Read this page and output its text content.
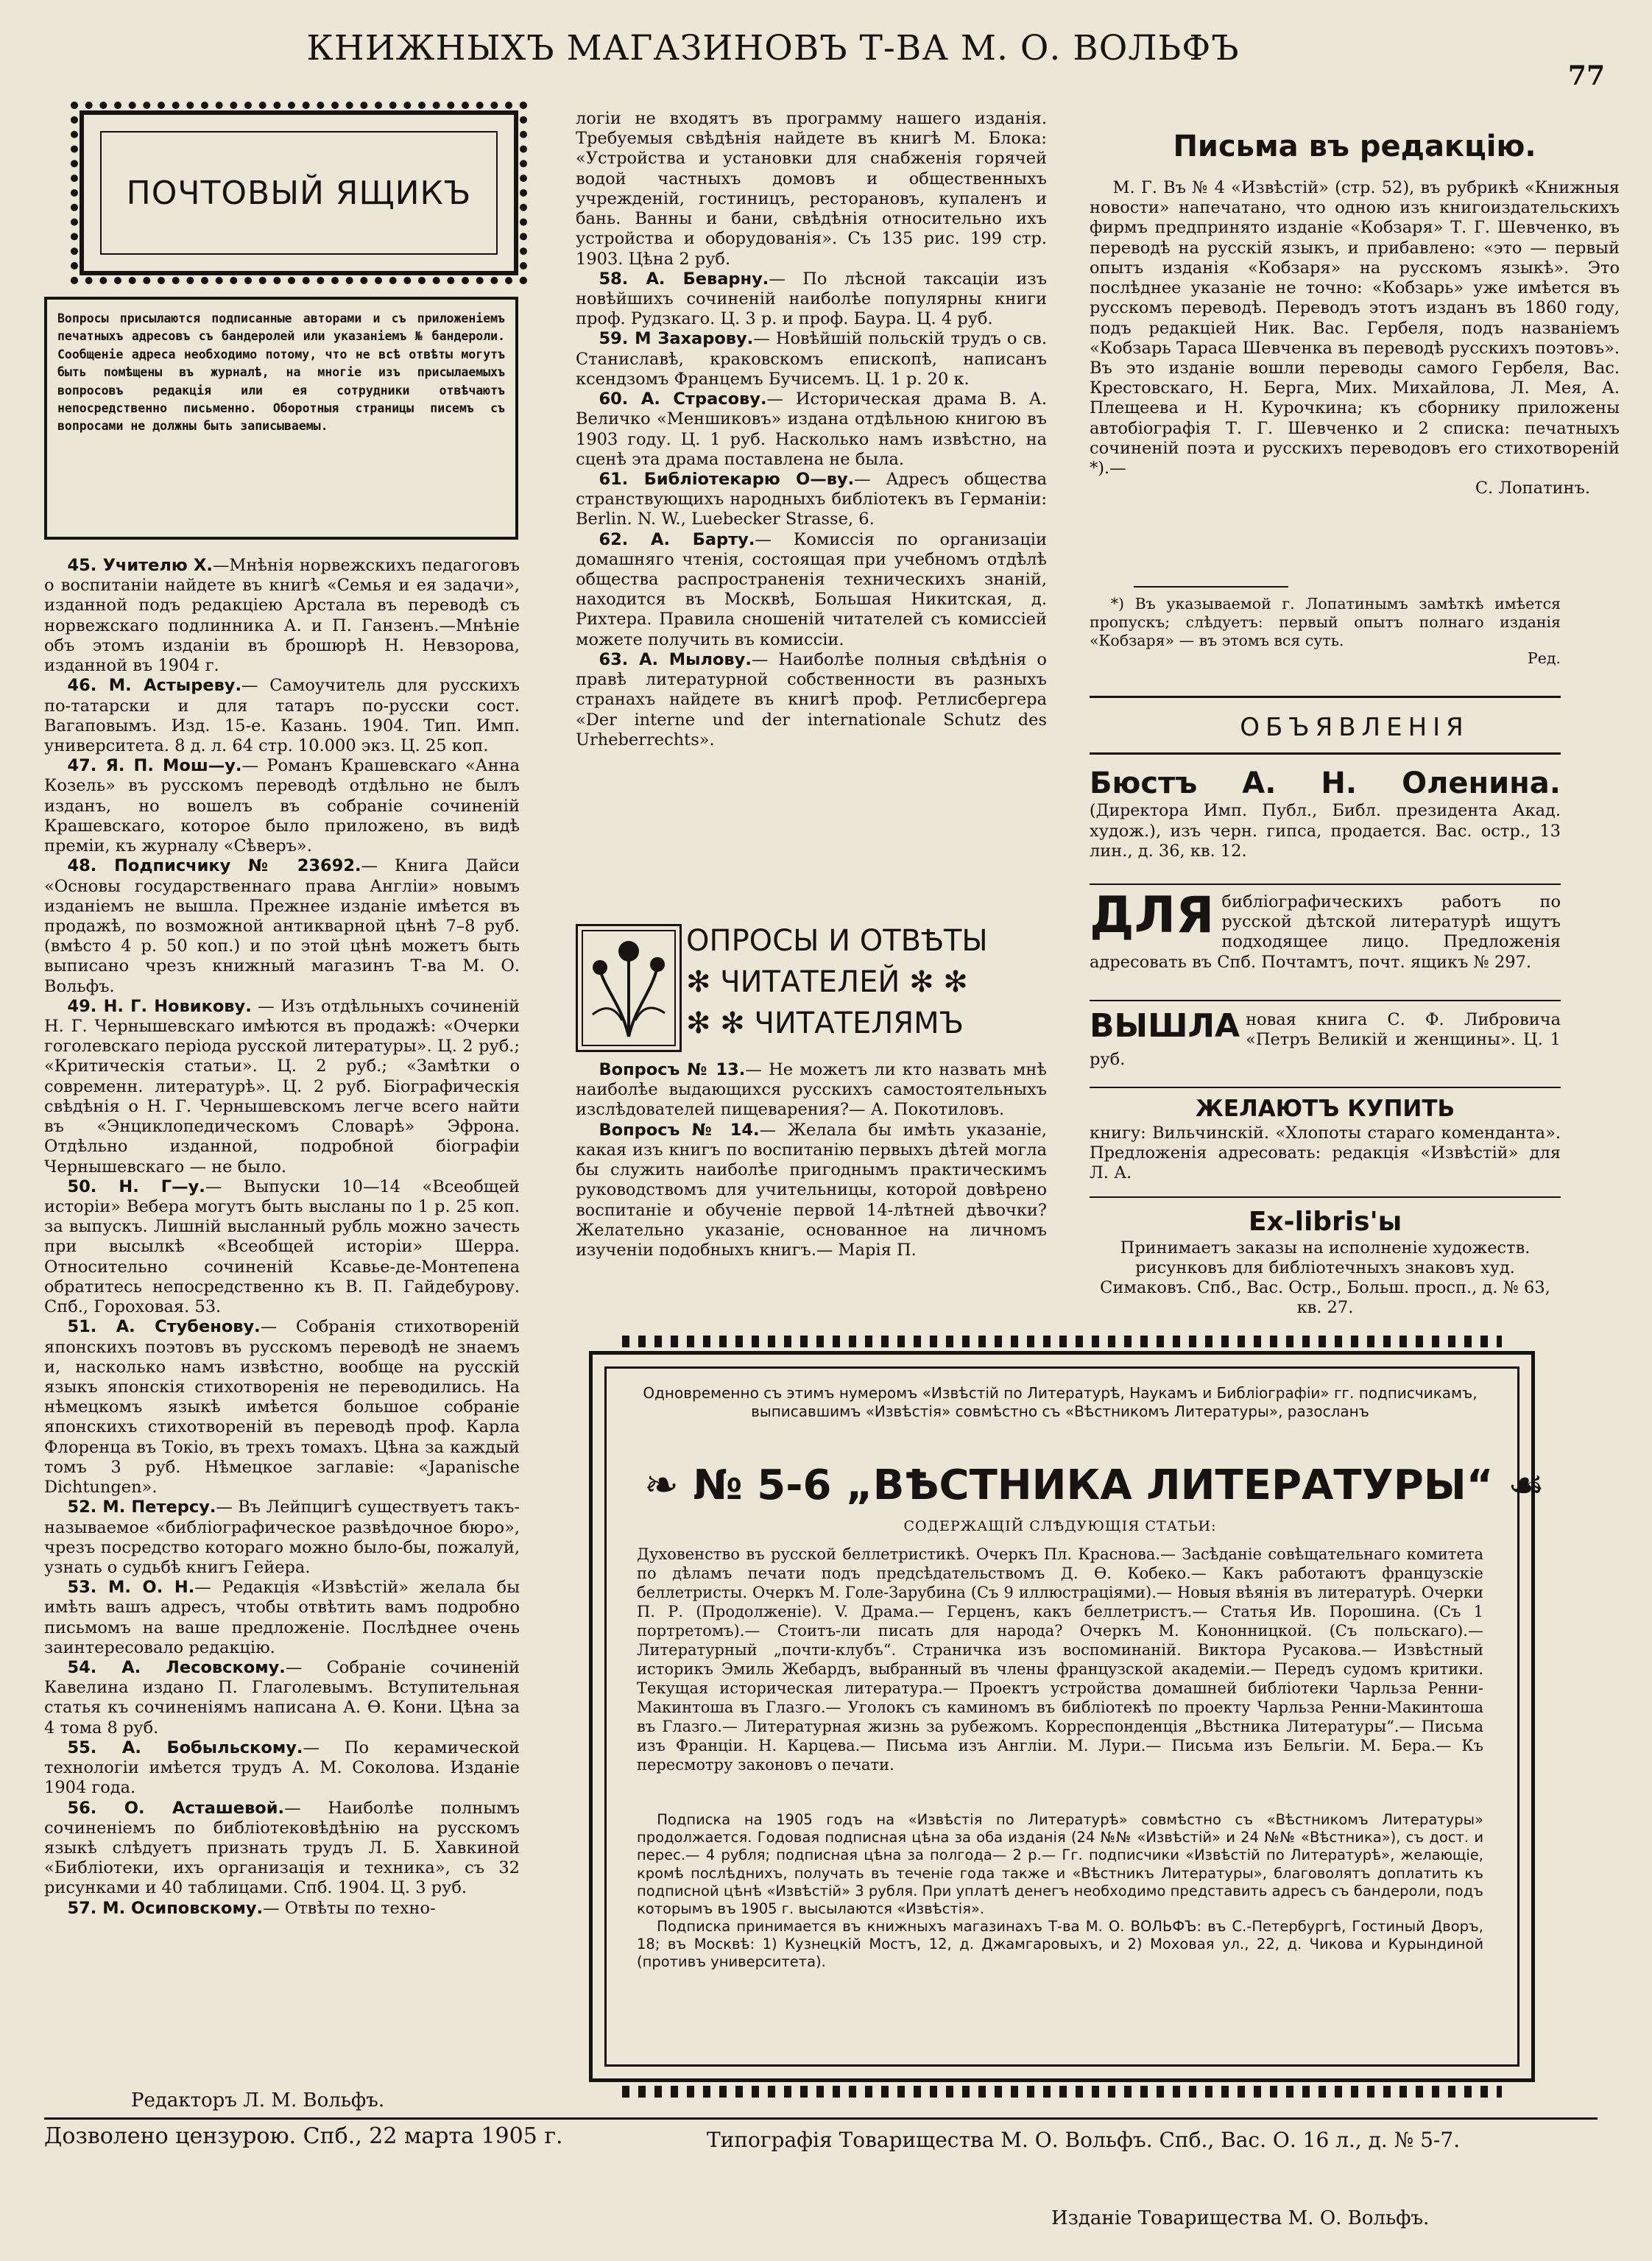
КНИЖНЫХЪ МАГАЗИНОВЪ Т-ВА М. О. ВОЛЬФЪ
77
ПОЧТОВЫЙ ЯЩИКЪ
Вопросы присылаются подписанные авторами и съ приложеніемъ печатныхъ адресовъ съ бандеролей или указаніемъ № бандероли. Сообщеніе адреса необходимо потому, что не всѣ отвѣты могутъ быть помѣщены въ журналѣ, на многіе изъ присылаемыхъ вопросовъ редакція или ея сотрудники отвѣчаютъ непосредственно письменно. Оборотныя страницы писемъ съ вопросами не должны быть записываемы.

45. Учителю Х.—Мнѣнія норвежскихъ педагоговъ о воспитаніи найдете въ книгѣ «Семья и ея задачи», изданной подъ редакціею Арстала въ переводѣ съ норвежскаго подлинника А. и П. Ганзенъ.—Мнѣніе объ этомъ изданіи въ брошюрѣ Н. Невзорова, изданной въ 1904 г.

46. М. Астыреву.— Самоучитель для русскихъ по-татарски и для татаръ по-русски сост. Вагаповымъ. Изд. 15-е. Казань. 1904. Тип. Имп. университета. 8 д. л. 64 стр. 10.000 экз. Ц. 25 коп.

47. Я. П. Мош—у.— Романъ Крашевскаго «Анна Козель» въ русскомъ переводѣ отдѣльно не былъ изданъ, но вошелъ въ собраніе сочиненій Крашевскаго, которое было приложено, въ видѣ преміи, къ журналу «Сѣверъ».

48. Подписчику № 23692.— Книга Дайси «Основы государственнаго права Англіи» новымъ изданіемъ не вышла. Прежнее изданіе имѣется въ продажѣ, по возможной антикварной цѣнѣ 7–8 руб. (вмѣсто 4 р. 50 коп.) и по этой цѣнѣ можетъ быть выписано чрезъ книжный магазинъ Т-ва М. О. Вольфъ.

49. Н. Г. Новикову. — Изъ отдѣльныхъ сочиненій Н. Г. Чернышевскаго имѣются въ продажѣ: «Очерки гоголевскаго періода русской литературы». Ц. 2 руб.; «Критическія статьи». Ц. 2 руб.; «Замѣтки о современн. литературѣ». Ц. 2 руб. Біографическія свѣдѣнія о Н. Г. Чернышевскомъ легче всего найти въ «Энциклопедическомъ Словарѣ» Эфрона. Отдѣльно изданной, подробной біографіи Чернышевскаго — не было.

50. Н. Г—у.— Выпуски 10—14 «Всеобщей исторіи» Вебера могутъ быть высланы по 1 р. 25 коп. за выпускъ. Лишній высланный рубль можно зачесть при высылкѣ «Всеобщей исторіи» Шерра. Относительно сочиненій Ксавье-де-Монтепена обратитесь непосредственно къ В. П. Гайдебурову. Спб., Гороховая. 53.

51. А. Стубенову.— Собранія стихотвореній японскихъ поэтовъ въ русскомъ переводѣ не знаемъ и, насколько намъ извѣстно, вообще на русскій языкъ японскія стихотворенія не переводились. На нѣмецкомъ языкѣ имѣется большое собраніе японскихъ стихотвореній въ переводѣ проф. Карла Флоренца въ Токіо, въ трехъ томахъ. Цѣна за каждый томъ 3 руб. Нѣмецкое заглавіе: «Japanische Dichtungen».

52. М. Петерсу.— Въ Лейпцигѣ существуетъ такъ-называемое «библіографическое развѣдочное бюро», чрезъ посредство котораго можно было-бы, пожалуй, узнать о судьбѣ книгъ Гейера.

53. М. О. Н.— Редакція «Извѣстій» желала бы имѣть вашъ адресъ, чтобы отвѣтить вамъ подробно письмомъ на ваше предложеніе. Послѣднее очень заинтересовало редакцію.

54. А. Лесовскому.— Собраніе сочиненій Кавелина издано П. Глаголевымъ. Вступительная статья къ сочиненіямъ написана А. Ѳ. Кони. Цѣна за 4 тома 8 руб.

55. А. Бобыльскому.— По керамической технологіи имѣется трудъ А. М. Соколова. Изданіе 1904 года.

56. О. Асташевой.— Наиболѣе полнымъ сочиненіемъ по библіотековѣдѣнію на русскомъ языкѣ слѣдуетъ признать трудъ Л. Б. Хавкиной «Библіотеки, ихъ организація и техника», съ 32 рисунками и 40 таблицами. Спб. 1904. Ц. 3 руб.

57. М. Осиповскому.— Отвѣты по техно-

логіи не входятъ въ программу нашего изданія. Требуемыя свѣдѣнія найдете въ книгѣ М. Блока: «Устройства и установки для снабженія горячей водой частныхъ домовъ и общественныхъ учрежденій, гостиницъ, ресторановъ, купаленъ и бань. Ванны и бани, свѣдѣнія относительно ихъ устройства и оборудованія». Съ 135 рис. 199 стр. 1903. Цѣна 2 руб.

58. А. Беварну.— По лѣсной таксаціи изъ новѣйшихъ сочиненій наиболѣе популярны книги проф. Рудзкаго. Ц. 3 р. и проф. Баура. Ц. 4 руб.

59. М Захарову.— Новѣйшій польскій трудъ о св. Станиславѣ, краковскомъ епископѣ, написанъ ксендзомъ Францемъ Бучисемъ. Ц. 1 р. 20 к.

60. А. Страсову.— Историческая драма В. А. Величко «Меншиковъ» издана отдѣльною книгою въ 1903 году. Ц. 1 руб. Насколько намъ извѣстно, на сценѣ эта драма поставлена не была.

61. Библіотекарю О—ву.— Адресъ общества странствующихъ народныхъ библіотекъ въ Германіи: Berlin. N. W., Luebecker Strasse, 6.

62. А. Барту.— Комиссія по организаціи домашняго чтенія, состоящая при учебномъ отдѣлѣ общества распространенія техническихъ знаній, находится въ Москвѣ, Большая Никитская, д. Рихтера. Правила сношеній читателей съ комиссіей можете получить въ комиссіи.

63. А. Мылову.— Наиболѣе полныя свѣдѣнія о правѣ литературной собственности въ разныхъ странахъ найдете въ книгѣ проф. Ретлисбергера «Der interne und der internationale Schutz des Urheberrechts».

ОПРОСЫ И ОТВѢТЫ
✻ ЧИТАТЕЛЕЙ ✻ ✻
✻ ✻ ЧИТАТЕЛЯМЪ

Вопросъ № 13.— Не можетъ ли кто назвать мнѣ наиболѣе выдающихся русскихъ самостоятельныхъ изслѣдователей пищеварения?— А. Покотиловъ.

Вопросъ № 14.— Желала бы имѣть указаніе, какая изъ книгъ по воспитанію первыхъ дѣтей могла бы служить наиболѣе пригоднымъ практическимъ руководствомъ для учительницы, которой довѣрено воспитаніе и обученіе первой 14-лѣтней дѣвочки? Желательно указаніе, основанное на личномъ изученіи подобныхъ книгъ.— Марія П.

Письма въ редакцію.

М. Г. Въ № 4 «Извѣстій» (стр. 52), въ рубрикѣ «Книжныя новости» напечатано, что одною изъ книгоиздательскихъ фирмъ предпринято изданіе «Кобзаря» Т. Г. Шевченко, въ переводѣ на русскій языкъ, и прибавлено: «это — первый опытъ изданія «Кобзаря» на русскомъ языкѣ». Это послѣднее указаніе не точно: «Кобзарь» уже имѣется въ русскомъ переводѣ. Переводъ этотъ изданъ въ 1860 году, подъ редакціей Ник. Вас. Гербеля, подъ названіемъ «Кобзарь Тараса Шевченка въ переводѣ русскихъ поэтовъ». Въ это изданіе вошли переводы самого Гербеля, Вас. Крестовскаго, Н. Берга, Мих. Михайлова, Л. Мея, А. Плещеева и Н. Курочкина; къ сборнику приложены автобіографія Т. Г. Шевченко и 2 списка: печатныхъ сочиненій поэта и русскихъ переводовъ его стихотвореній *).—

С. Лопатинъ.

*) Въ указываемой г. Лопатинымъ замѣткѣ имѣется пропускъ; слѣдуетъ: первый опытъ полнаго изданія «Кобзаря» — въ этомъ вся суть.

Ред.
ОБЪЯВЛЕНІЯ
Бюстъ А. Н. Оленина. (Директора Имп. Публ., Библ. президента Акад. худож.), изъ черн. гипса, продается. Вас. остр., 13 лин., д. 36, кв. 12.
ДЛЯ библіографическихъ работъ по русской дѣтской литературѣ ищутъ подходящее лицо. Предложенія адресовать въ Спб. Почтамтъ, почт. ящикъ № 297.
ВЫШЛА новая книга С. Ф. Либровича «Петръ Великій и женщины». Ц. 1 руб.
ЖЕЛАЮТЪ КУПИТЬ
книгу: Вильчинскій. «Хлопоты стараго коменданта». Предложенія адресовать: редакція «Извѣстій» для Л. А.
Ex-libris'ы
Принимаетъ заказы на исполненіе художеств. рисунковъ для библіотечныхъ знаковъ худ. Симаковъ. Спб., Вас. Остр., Больш. просп., д. № 63, кв. 27.
Одновременно съ этимъ нумеромъ «Извѣстій по Литературѣ, Наукамъ и Библіографіи» гг. подписчикамъ, выписавшимъ «Извѣстія» совмѣстно съ «Вѣстникомъ Литературы», разосланъ
❧ № 5-6 „ВѢСТНИКА ЛИТЕРАТУРЫ“ ☙
СОДЕРЖАЩІЙ СЛѢДУЮЩІЯ СТАТЬИ:

Духовенство въ русской беллетристикѣ. Очеркъ Пл. Краснова.— Засѣданіе совѣщательнаго комитета по дѣламъ печати подъ предсѣдательствомъ Д. Ѳ. Кобеко.— Какъ работаютъ французскіе беллетристы. Очеркъ М. Голе-Зарубина (Съ 9 иллюстраціями).— Новыя вѣянія въ литературѣ. Очерки П. Р. (Продолженіе). V. Драма.— Герценъ, какъ беллетристъ.— Статья Ив. Порошина. (Съ 1 портретомъ).— Стоитъ-ли писать для народа? Очеркъ М. Кононницкой. (Съ польскаго).— Литературный „почти-клубъ“. Страничка изъ воспоминаній. Виктора Русакова.— Извѣстный историкъ Эмиль Жебардъ, выбранный въ члены французской академіи.— Передъ судомъ критики. Текущая историческая литература.— Проектъ устройства домашней библіотеки Чарльза Ренни-Макинтоша въ Глазго.— Уголокъ съ каминомъ въ библіотекѣ по проекту Чарльза Ренни-Макинтоша въ Глазго.— Литературная жизнь за рубежомъ. Корреспонденція „Вѣстника Литературы“.— Письма изъ Франціи. Н. Карцева.— Письма изъ Англіи. М. Лури.— Письма изъ Бельгіи. М. Бера.— Къ пересмотру законовъ о печати.

Подписка на 1905 годъ на «Извѣстія по Литературѣ» совмѣстно съ «Вѣстникомъ Литературы» продолжается. Годовая подписная цѣна за оба изданія (24 №№ «Извѣстій» и 24 №№ «Вѣстника»), съ дост. и перес.— 4 рубля; подписная цѣна за полгода— 2 р.— Гг. подписчики «Извѣстій по Литературѣ», желающіе, кромѣ послѣднихъ, получать въ теченіе года также и «Вѣстникъ Литературы», благоволятъ доплатить къ подписной цѣнѣ «Извѣстій» 3 рубля. При уплатѣ денегъ необходимо представить адресъ съ бандероли, подъ которымъ въ 1905 г. высылаются «Извѣстія».

Подписка принимается въ книжныхъ магазинахъ Т-ва М. О. ВОЛЬФЪ: въ С.-Петербургѣ, Гостиный Дворъ, 18; въ Москвѣ: 1) Кузнецкій Мостъ, 12, д. Джамгаровыхъ, и 2) Моховая ул., 22, д. Чикова и Курындиной (противъ университета).

Редакторъ Л. М. Вольфъ.
Изданіе Товарищества М. О. Вольфъ.
Дозволено цензурою. Спб., 22 марта 1905 г.	Типографія Товарищества М. О. Вольфъ. Спб., Вас. О. 16 л., д. № 5-7.
